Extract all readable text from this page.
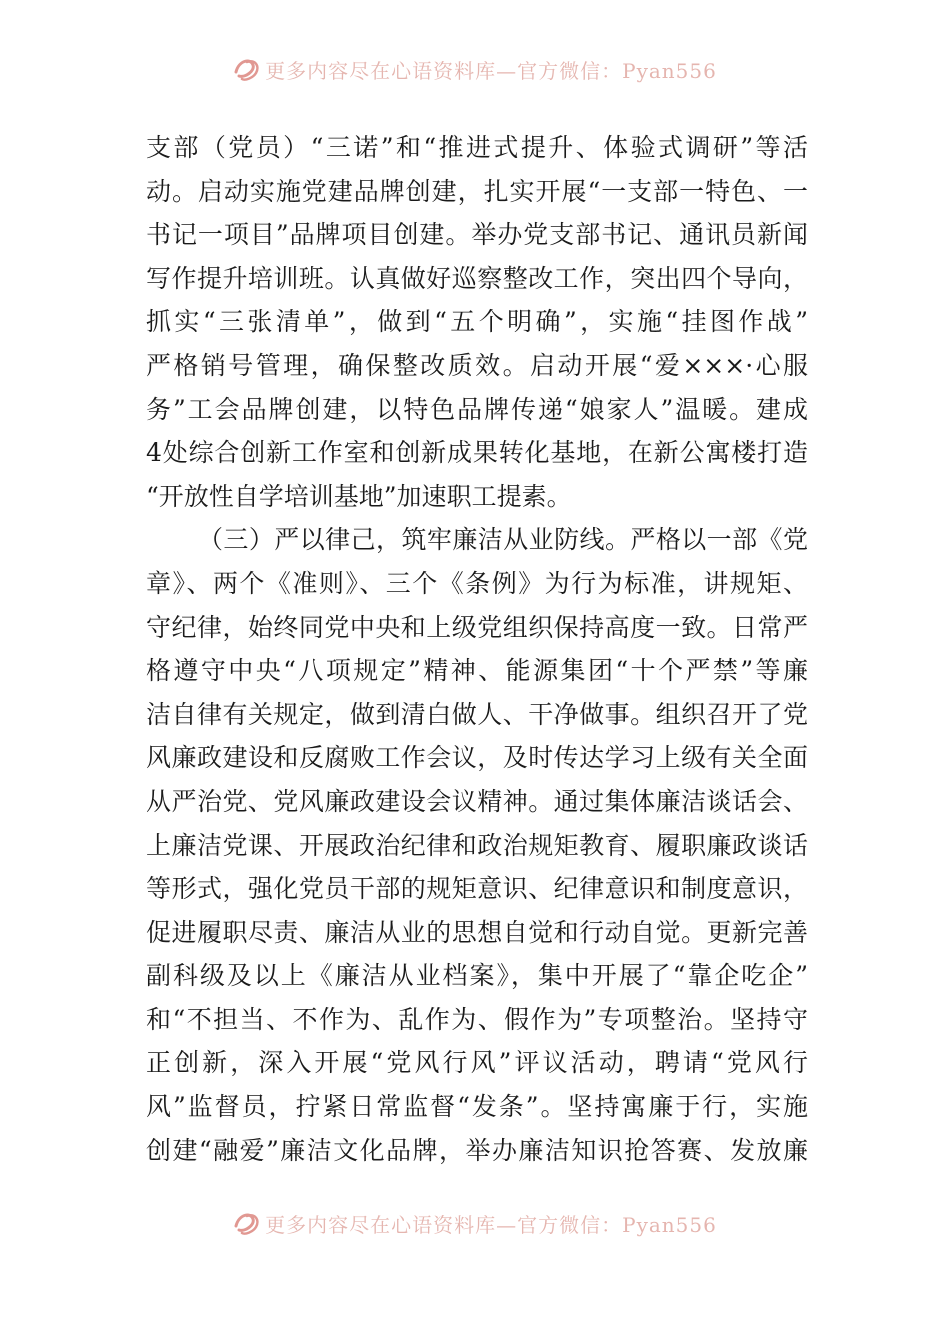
更多内容尽在心语资料库—官方微信：Pyan556
支部（党员）“三诺”和“推进式提升、体验式调研”等活
动。启动实施党建品牌创建，扎实开展“一支部一特色、一
书记一项目”品牌项目创建。举办党支部书记、通讯员新闻
写作提升培训班。认真做好巡察整改工作，突出四个导向，
抓实“三张清单”，做到“五个明确”，实施“挂图作战”
严格销号管理，确保整改质效。启动开展“爱×××·心服
务”工会品牌创建，以特色品牌传递“娘家人”温暖。建成
4处综合创新工作室和创新成果转化基地，在新公寓楼打造
“开放性自学培训基地”加速职工提素。
（三）严以律己，筑牢廉洁从业防线。严格以一部《党
章》、两个《准则》、三个《条例》为行为标准，讲规矩、
守纪律，始终同党中央和上级党组织保持高度一致。日常严
格遵守中央“八项规定”精神、能源集团“十个严禁”等廉
洁自律有关规定，做到清白做人、干净做事。组织召开了党
风廉政建设和反腐败工作会议，及时传达学习上级有关全面
从严治党、党风廉政建设会议精神。通过集体廉洁谈话会、
上廉洁党课、开展政治纪律和政治规矩教育、履职廉政谈话
等形式，强化党员干部的规矩意识、纪律意识和制度意识，
促进履职尽责、廉洁从业的思想自觉和行动自觉。更新完善
副科级及以上《廉洁从业档案》，集中开展了“靠企吃企”
和“不担当、不作为、乱作为、假作为”专项整治。坚持守
正创新，深入开展“党风行风”评议活动，聘请“党风行
风”监督员，拧紧日常监督“发条”。坚持寓廉于行，实施
创建“融爱”廉洁文化品牌，举办廉洁知识抢答赛、发放廉
更多内容尽在心语资料库—官方微信：Pyan556
